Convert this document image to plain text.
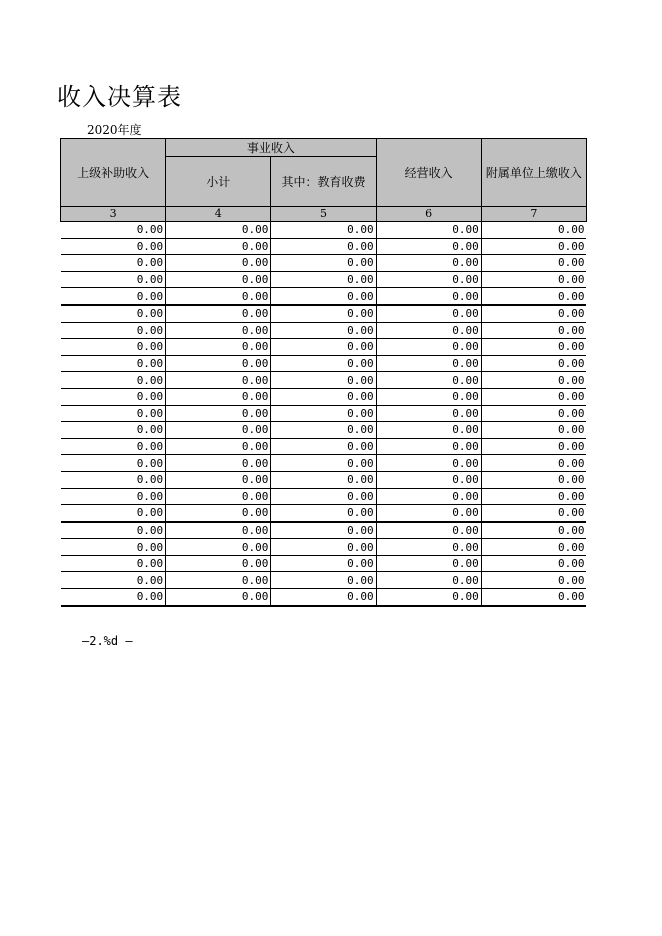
收入决算表
2020年度
上级补助收入	事业收入		经营收入	附属单位上缴收入
	小计	其中：教育收费		
3	4	5	6	7
0.00	0.00	0.00	0.00	0.00
0.00	0.00	0.00	0.00	0.00
0.00	0.00	0.00	0.00	0.00
0.00	0.00	0.00	0.00	0.00
0.00	0.00	0.00	0.00	0.00
0.00	0.00	0.00	0.00	0.00
0.00	0.00	0.00	0.00	0.00
0.00	0.00	0.00	0.00	0.00
0.00	0.00	0.00	0.00	0.00
0.00	0.00	0.00	0.00	0.00
0.00	0.00	0.00	0.00	0.00
0.00	0.00	0.00	0.00	0.00
0.00	0.00	0.00	0.00	0.00
0.00	0.00	0.00	0.00	0.00
0.00	0.00	0.00	0.00	0.00
0.00	0.00	0.00	0.00	0.00
0.00	0.00	0.00	0.00	0.00
0.00	0.00	0.00	0.00	0.00
0.00	0.00	0.00	0.00	0.00
0.00	0.00	0.00	0.00	0.00
0.00	0.00	0.00	0.00	0.00
0.00	0.00	0.00	0.00	0.00
0.00	0.00	0.00	0.00	0.00
—2.%d —
